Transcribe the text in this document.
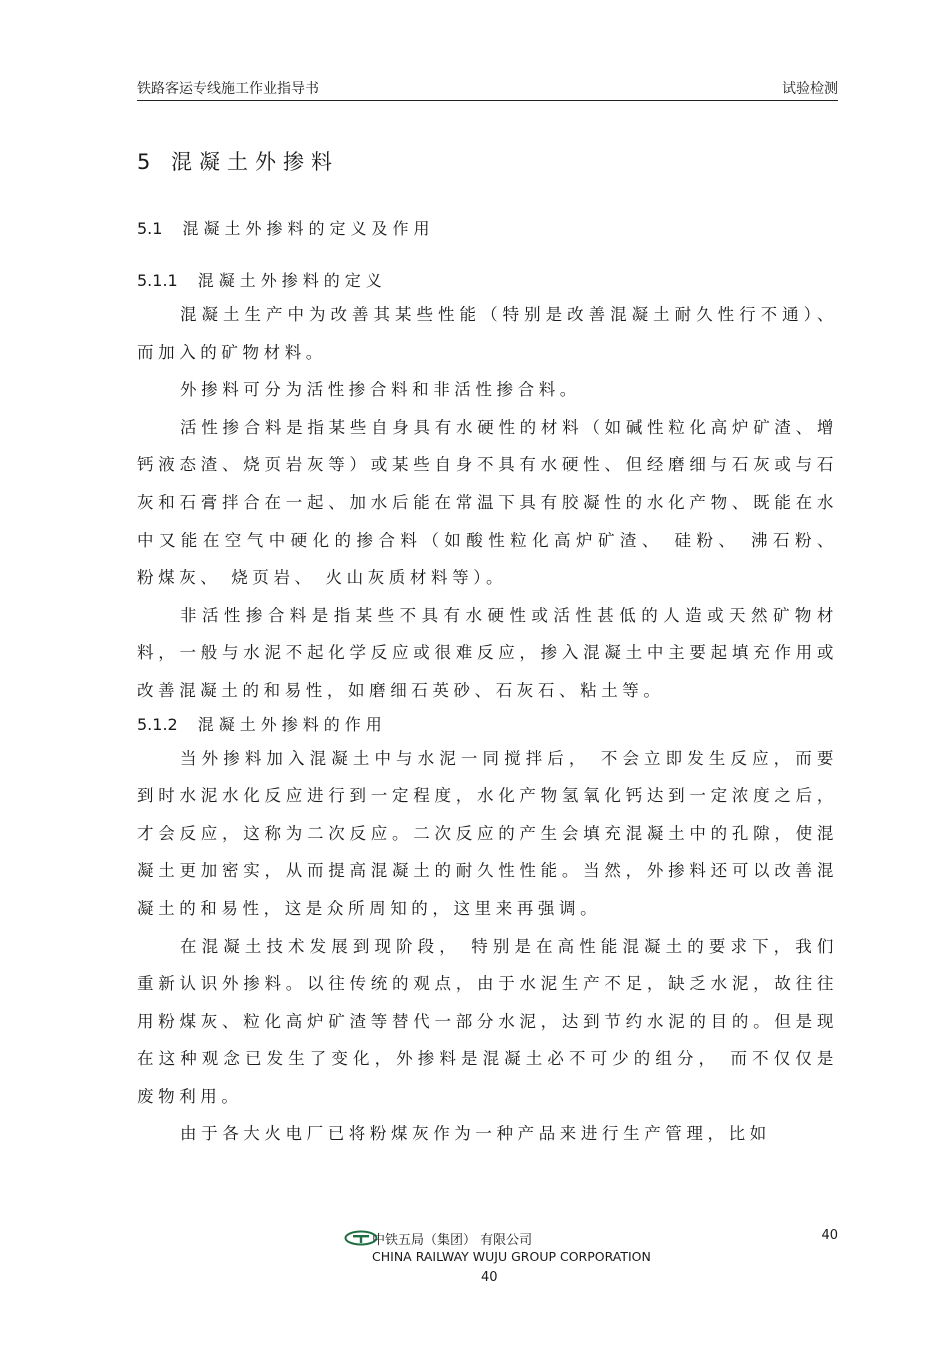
铁路客运专线施工作业指导书	试验检测
5 混凝土外掺料
5.1 混凝土外掺料的定义及作用
5.1.1 混凝土外掺料的定义

混凝土生产中为改善其某些性能（特别是改善混凝土耐久性行不通）、 而加入的矿物材料。

外掺料可分为活性掺合料和非活性掺合料。

活性掺合料是指某些自身具有水硬性的材料（如碱性粒化高炉矿渣、增钙液态渣、烧页岩灰等）或某些自身不具有水硬性、但经磨细与石灰或与石灰和石膏拌合在一起、加水后能在常温下具有胶凝性的水化产物、既能在水中又能在空气中硬化的掺合料（如酸性粒化高炉矿渣、 硅粉、 沸石粉、 粉煤灰、 烧页岩、 火山灰质材料等）。

非活性掺合料是指某些不具有水硬性或活性甚低的人造或天然矿物材料，一般与水泥不起化学反应或很难反应，掺入混凝土中主要起填充作用或改善混凝土的和易性，如磨细石英砂、石灰石、粘土等。

5.1.2 混凝土外掺料的作用

当外掺料加入混凝土中与水泥一同搅拌后， 不会立即发生反应，而要到时水泥水化反应进行到一定程度，水化产物氢氧化钙达到一定浓度之后，才会反应，这称为二次反应。二次反应的产生会填充混凝土中的孔隙，使混凝土更加密实，从而提高混凝土的耐久性性能。当然，外掺料还可以改善混凝土的和易性，这是众所周知的，这里来再强调。

在混凝土技术发展到现阶段， 特别是在高性能混凝土的要求下，我们重新认识外掺料。以往传统的观点，由于水泥生产不足，缺乏水泥，故往往用粉煤灰、粒化高炉矿渣等替代一部分水泥，达到节约水泥的目的。但是现在这种观念已发生了变化，外掺料是混凝土必不可少的组分， 而不仅仅是废物利用。

由于各大火电厂已将粉煤灰作为一种产品来进行生产管理，比如

中铁五局（集团） 有限公司
CHINA RAILWAY WUJU GROUP CORPORATION
40
40
